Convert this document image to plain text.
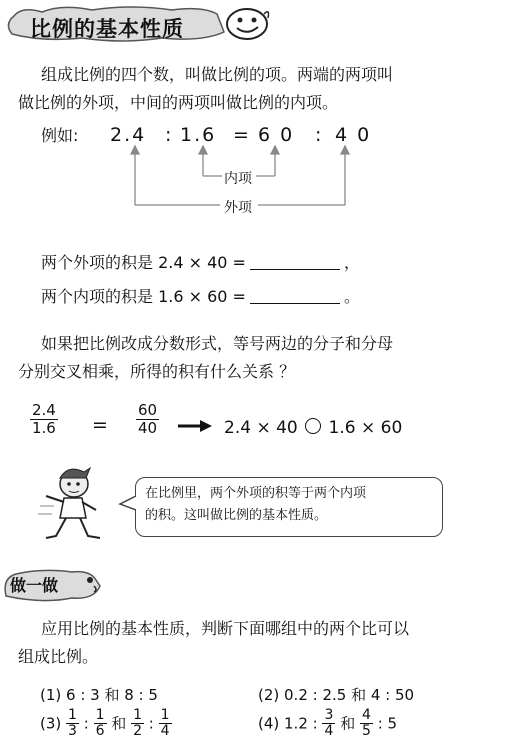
比例的基本性质
组成比例的四个数，叫做比例的项。两端的两项叫
做比例的外项，中间的两项叫做比例的内项。
例如: 2.4 : 1.6 = 6 0 : 4 0
内项
外项
两个外项的积是 2.4 × 40 =	，
两个内项的积是 1.6 × 60 =	。
如果把比例改成分数形式，等号两边的分子和分母
分别交叉相乘，所得的积有什么关系 ？
$\frac{2.4}{1.6} = \frac{60}{40}$	2.4 × 40 1.6 × 60
在比例里，两个外项的积等于两个内项
的积。这叫做比例的基本性质。
做一做
应用比例的基本性质，判断下面哪组中的两个比可以
组成比例。
(1) 6 : 3 和 8 : 5	(2) 0.2 : 2.5 和 4 : 50
$(3) \frac{1}{3}$ : $\frac{1}{6}$ 和 $\frac{1}{2}$ : $\frac{1}{4}$	(4) 1.2 : $\frac{3}{4}$ 和 $\frac{4}{5}$ : 5
